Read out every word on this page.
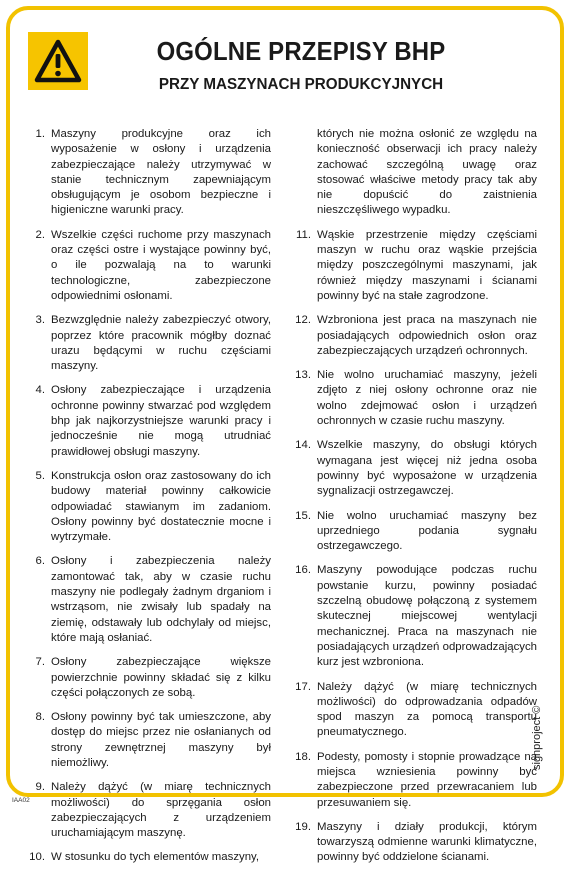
OGÓLNE PRZEPISY BHP
PRZY MASZYNACH PRODUKCYJNYCH
1. Maszyny produkcyjne oraz ich wyposażenie w osłony i urządzenia zabezpieczające należy utrzymywać w stanie technicznym zapewniającym obsługującym je osobom bezpieczne i higieniczne warunki pracy.
2. Wszelkie części ruchome przy maszynach oraz części ostre i wystające powinny być, o ile pozwalają na to warunki technologiczne, zabezpieczone odpowiednimi osłonami.
3. Bezwzględnie należy zabezpieczyć otwory, poprzez które pracownik mógłby doznać urazu będącymi w ruchu częściami maszyny.
4. Osłony zabezpieczające i urządzenia ochronne powinny stwarzać pod względem bhp jak najkorzystniejsze warunki pracy i jednocześnie nie mogą utrudniać prawidłowej obsługi maszyny.
5. Konstrukcja osłon oraz zastosowany do ich budowy materiał powinny całkowicie odpowiadać stawianym im zadaniom. Osłony powinny być dostatecznie mocne i wytrzymałe.
6. Osłony i zabezpieczenia należy zamontować tak, aby w czasie ruchu maszyny nie podlegały żadnym drganiom i wstrząsom, nie zwisały lub spadały na ziemię, odstawały lub odchylały od miejsc, które mają osłaniać.
7. Osłony zabezpieczające większe powierzchnie powinny składać się z kilku części połączonych ze sobą.
8. Osłony powinny być tak umieszczone, aby dostęp do miejsc przez nie osłanianych od strony zewnętrznej maszyny był niemożliwy.
9. Należy dążyć (w miarę technicznych możliwości) do sprzęgania osłon zabezpieczających z urządzeniem uruchamiającym maszynę.
10. W stosunku do tych elementów maszyny,
których nie można osłonić ze względu na konieczność obserwacji ich pracy należy zachować szczególną uwagę oraz stosować właściwe metody pracy tak aby nie dopuścić do zaistnienia nieszczęśliwego wypadku.
11. Wąskie przestrzenie między częściami maszyn w ruchu oraz wąskie przejścia między poszczególnymi maszynami, jak również między maszynami i ścianami powinny być na stałe zagrodzone.
12. Wzbroniona jest praca na maszynach nie posiadających odpowiednich osłon oraz zabezpieczających urządzeń ochronnych.
13. Nie wolno uruchamiać maszyny, jeżeli zdjęto z niej osłony ochronne oraz nie wolno zdejmować osłon i urządzeń ochronnych w czasie ruchu maszyny.
14. Wszelkie maszyny, do obsługi których wymagana jest więcej niż jedna osoba powinny być wyposażone w urządzenia sygnalizacji ostrzegawczej.
15. Nie wolno uruchamiać maszyny bez uprzedniego podania sygnału ostrzegawczego.
16. Maszyny powodujące podczas ruchu powstanie kurzu, powinny posiadać szczelną obudowę połączoną z systemem skutecznej miejscowej wentylacji mechanicznej. Praca na maszynach nie posiadających urządzeń odprowadzających kurz jest wzbroniona.
17. Należy dążyć (w miarę technicznych możliwości) do odprowadzania odpadów spod maszyn za pomocą transportu pneumatycznego.
18. Podesty, pomosty i stopnie prowadzące na miejsca wzniesienia powinny być zabezpieczone przed przewracaniem lub przesuwaniem się.
19. Maszyny i działy produkcji, którym towarzyszą odmienne warunki klimatyczne, powinny być oddzielone ścianami.
IAA02
signproject ©
